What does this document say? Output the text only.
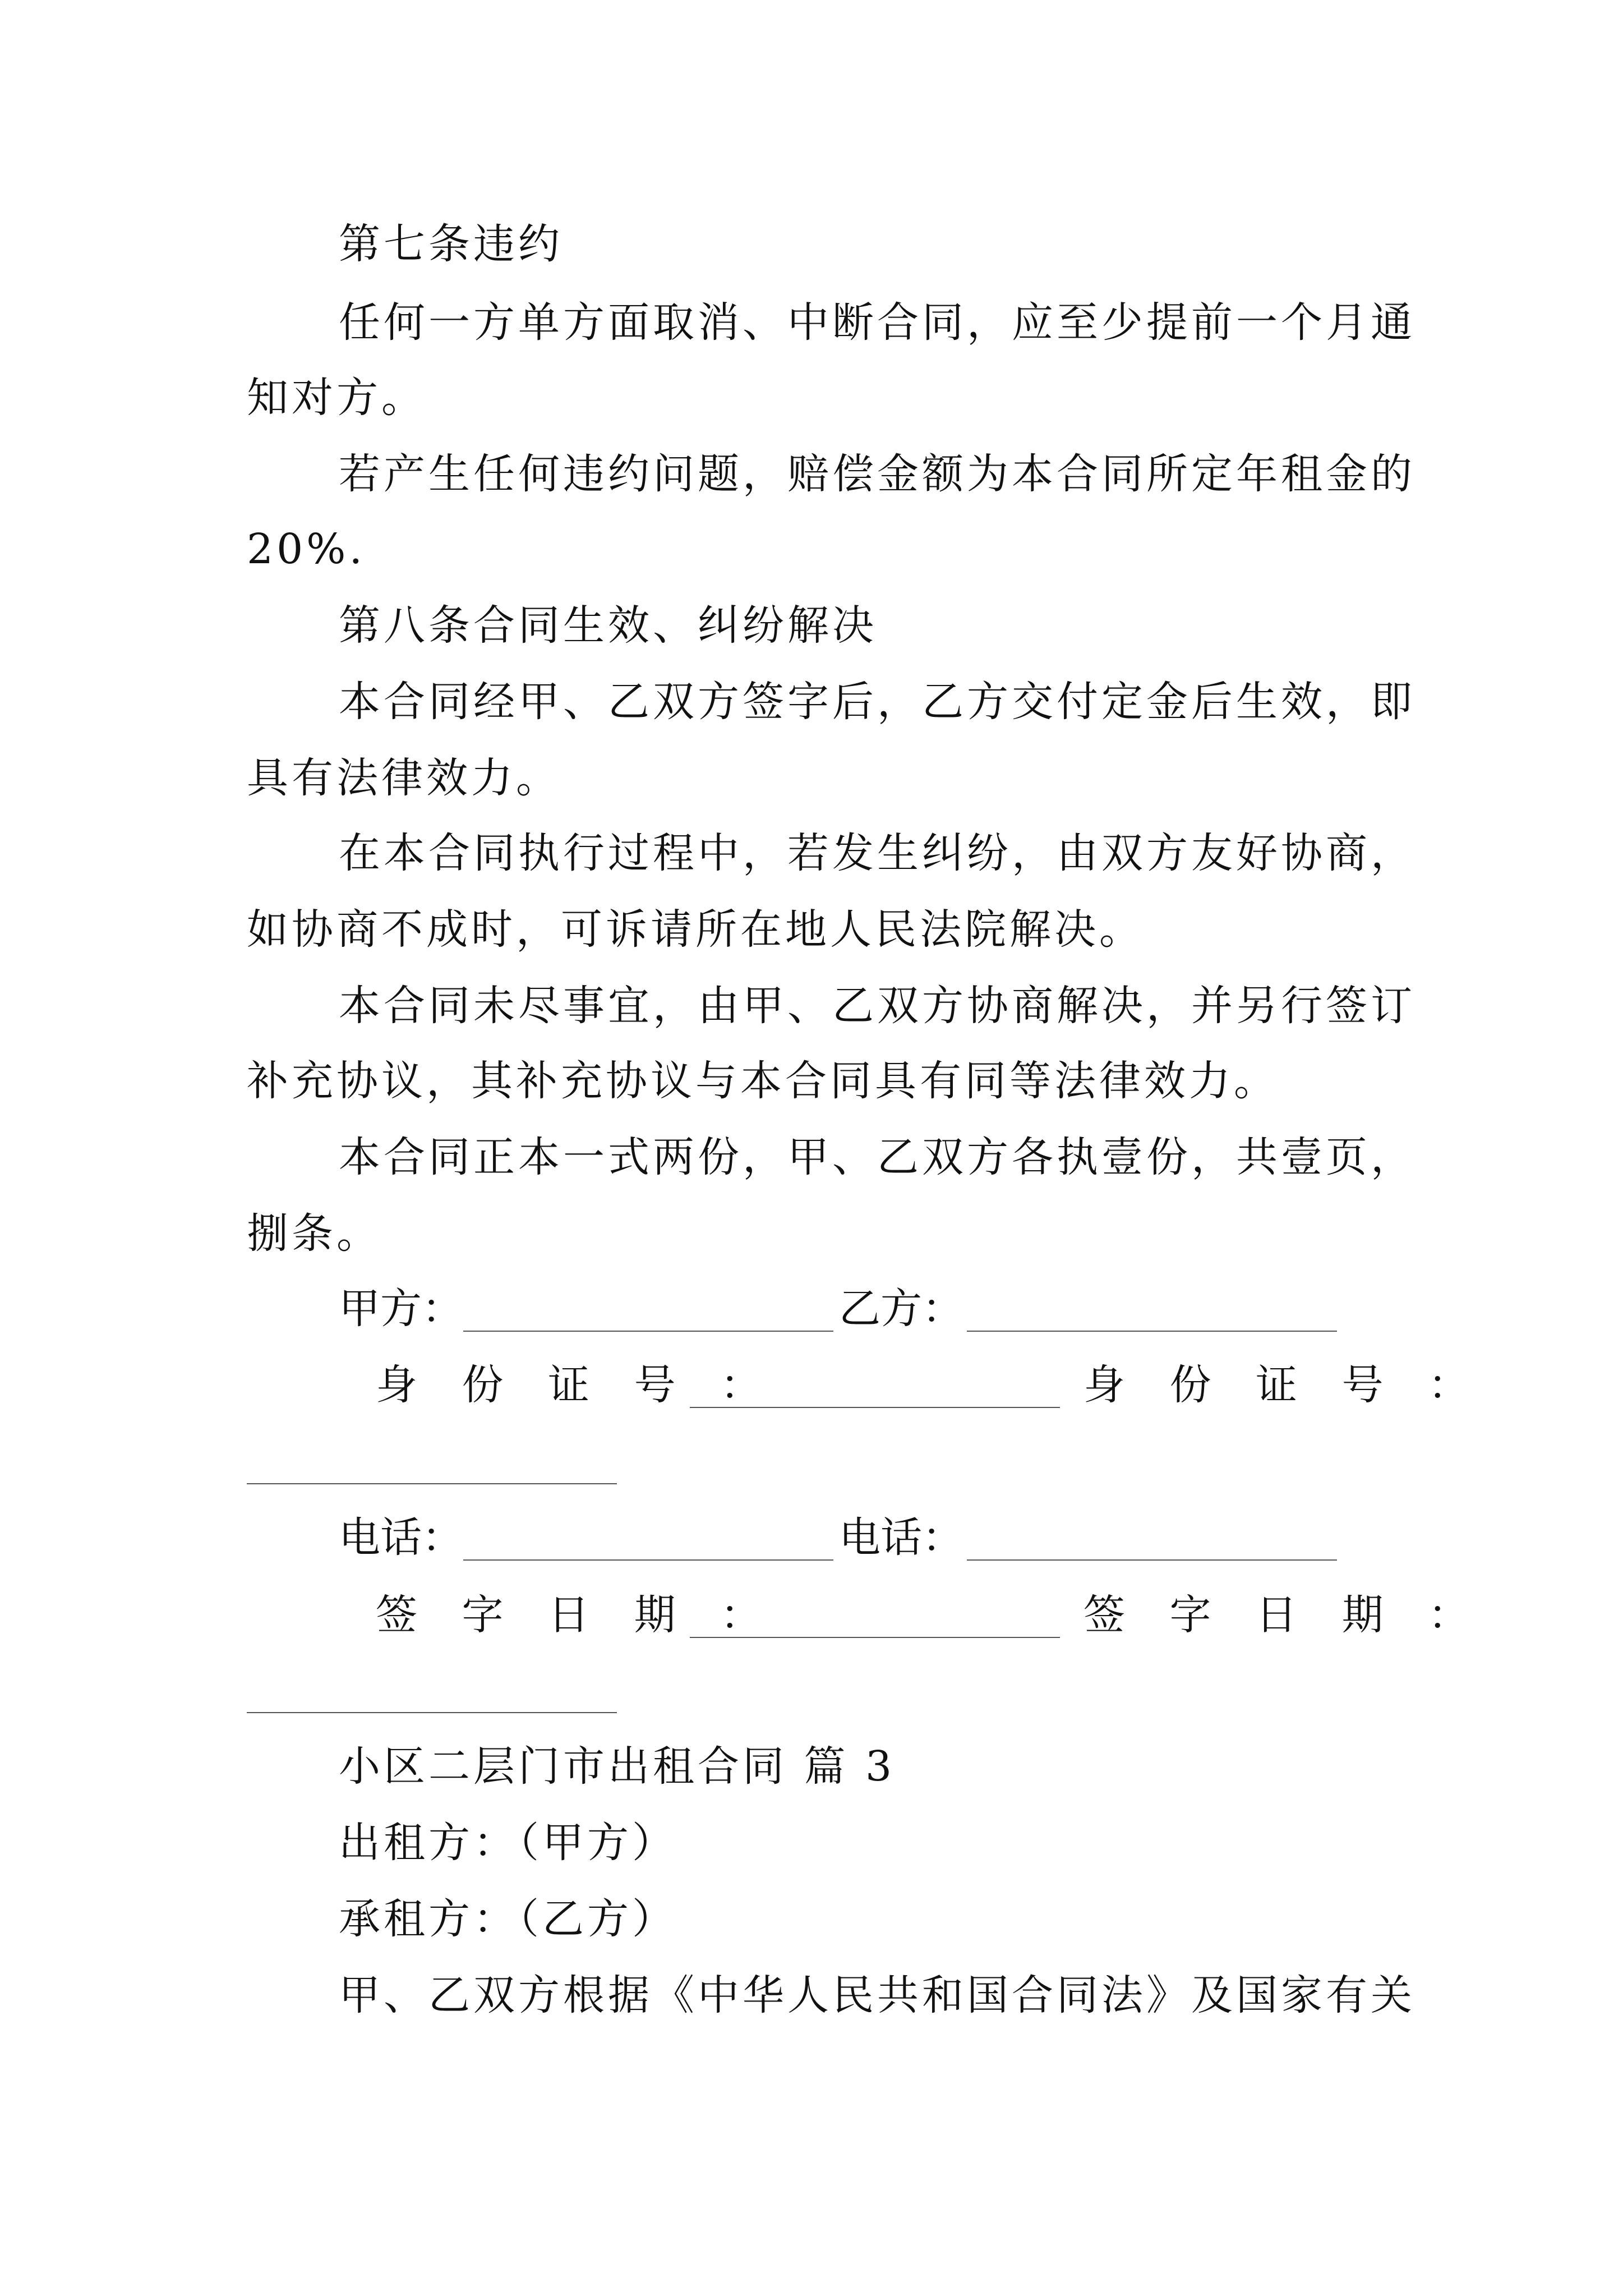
第七条违约
任何一方单方面取消、中断合同，应至少提前一个月通
知对方。
若产生任何违约问题，赔偿金额为本合同所定年租金的
20%.
第八条合同生效、纠纷解决
本合同经甲、乙双方签字后，乙方交付定金后生效，即
具有法律效力。
在本合同执行过程中，若发生纠纷，由双方友好协商，
如协商不成时，可诉请所在地人民法院解决。
本合同未尽事宜，由甲、乙双方协商解决，并另行签订
补充协议，其补充协议与本合同具有同等法律效力。
本合同正本一式两份，甲、乙双方各执壹份，共壹页，
捌条。
甲方：	乙方：
身 份 证 号 ：	身 份 证 号 ：
电话：	电话：
签 字 日 期 ：	签 字 日 期 ：
小区二层门市出租合同 篇 3
出租方：（甲方）
承租方：（乙方）
甲、乙双方根据《中华人民共和国合同法》及国家有关
